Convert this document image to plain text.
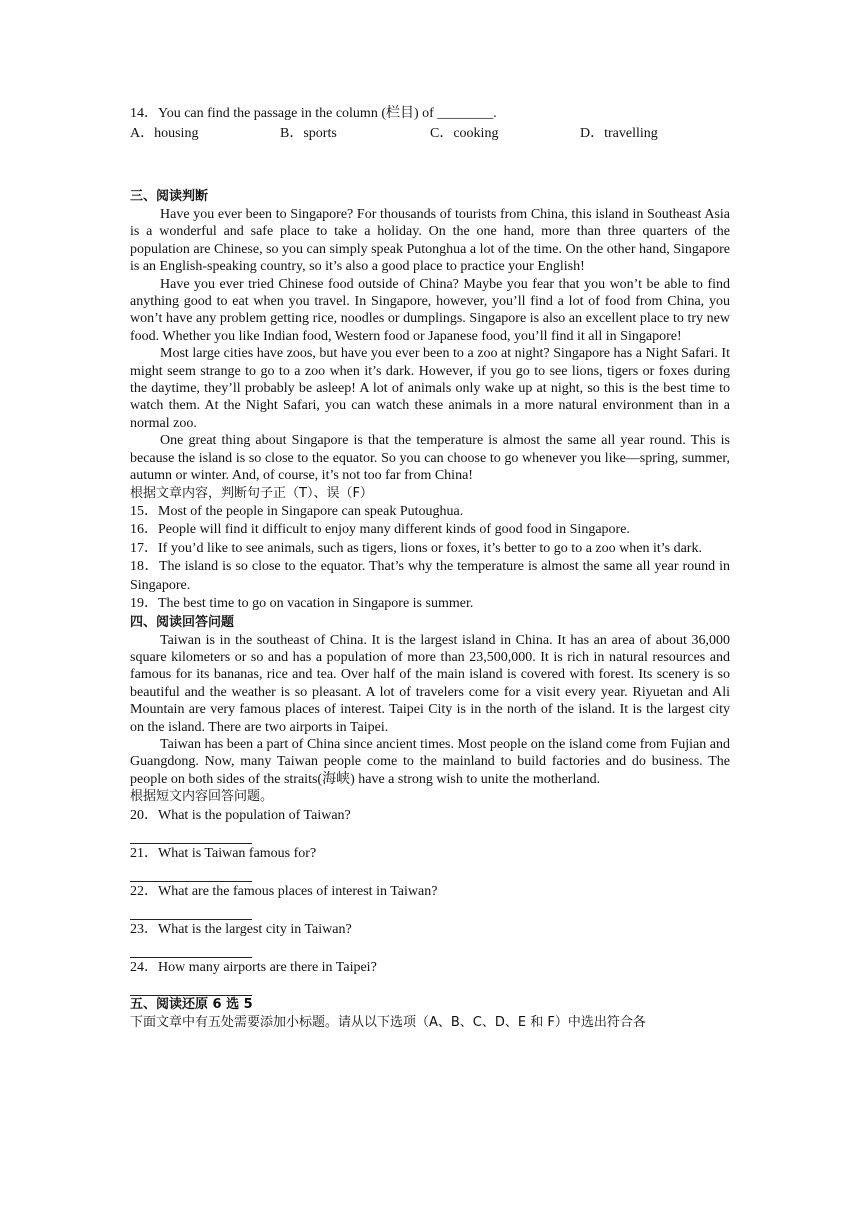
14．You can find the passage in the column (栏目) of ________.
A．housing	B．sports	C．cooking	D．travelling
三、阅读判断
Have you ever been to Singapore? For thousands of tourists from China, this island in Southeast Asia is a wonderful and safe place to take a holiday. On the one hand, more than three quarters of the population are Chinese, so you can simply speak Putonghua a lot of the time. On the other hand, Singapore is an English-speaking country, so it’s also a good place to practice your English!
Have you ever tried Chinese food outside of China? Maybe you fear that you won’t be able to find anything good to eat when you travel. In Singapore, however, you’ll find a lot of food from China, you won’t have any problem getting rice, noodles or dumplings. Singapore is also an excellent place to try new food. Whether you like Indian food, Western food or Japanese food, you’ll find it all in Singapore!
Most large cities have zoos, but have you ever been to a zoo at night? Singapore has a Night Safari. It might seem strange to go to a zoo when it’s dark. However, if you go to see lions, tigers or foxes during the daytime, they’ll probably be asleep! A lot of animals only wake up at night, so this is the best time to watch them. At the Night Safari, you can watch these animals in a more natural environment than in a normal zoo.
One great thing about Singapore is that the temperature is almost the same all year round. This is because the island is so close to the equator. So you can choose to go whenever you like—spring, summer, autumn or winter. And, of course, it’s not too far from China!
根据文章内容，判断句子正（T）、误（F）
15．Most of the people in Singapore can speak Putoughua.
16．People will find it difficult to enjoy many different kinds of good food in Singapore.
17．If you’d like to see animals, such as tigers, lions or foxes, it’s better to go to a zoo when it’s dark.
18．The island is so close to the equator. That’s why the temperature is almost the same all year round in Singapore.
19．The best time to go on vacation in Singapore is summer.
四、阅读回答问题
Taiwan is in the southeast of China. It is the largest island in China. It has an area of about 36,000 square kilometers or so and has a population of more than 23,500,000. It is rich in natural resources and famous for its bananas, rice and tea. Over half of the main island is covered with forest. Its scenery is so beautiful and the weather is so pleasant. A lot of travelers come for a visit every year. Riyuetan and Ali Mountain are very famous places of interest. Taipei City is in the north of the island. It is the largest city on the island. There are two airports in Taipei.
Taiwan has been a part of China since ancient times. Most people on the island come from Fujian and Guangdong. Now, many Taiwan people come to the mainland to build factories and do business. The people on both sides of the straits(海峡) have a strong wish to unite the motherland.
根据短文内容回答问题。
20．What is the population of Taiwan?
21．What is Taiwan famous for?
22．What are the famous places of interest in Taiwan?
23．What is the largest city in Taiwan?
24．How many airports are there in Taipei?
五、阅读还原 6 选 5
下面文章中有五处需要添加小标题。请从以下选项（A、B、C、D、E 和 F）中选出符合各
